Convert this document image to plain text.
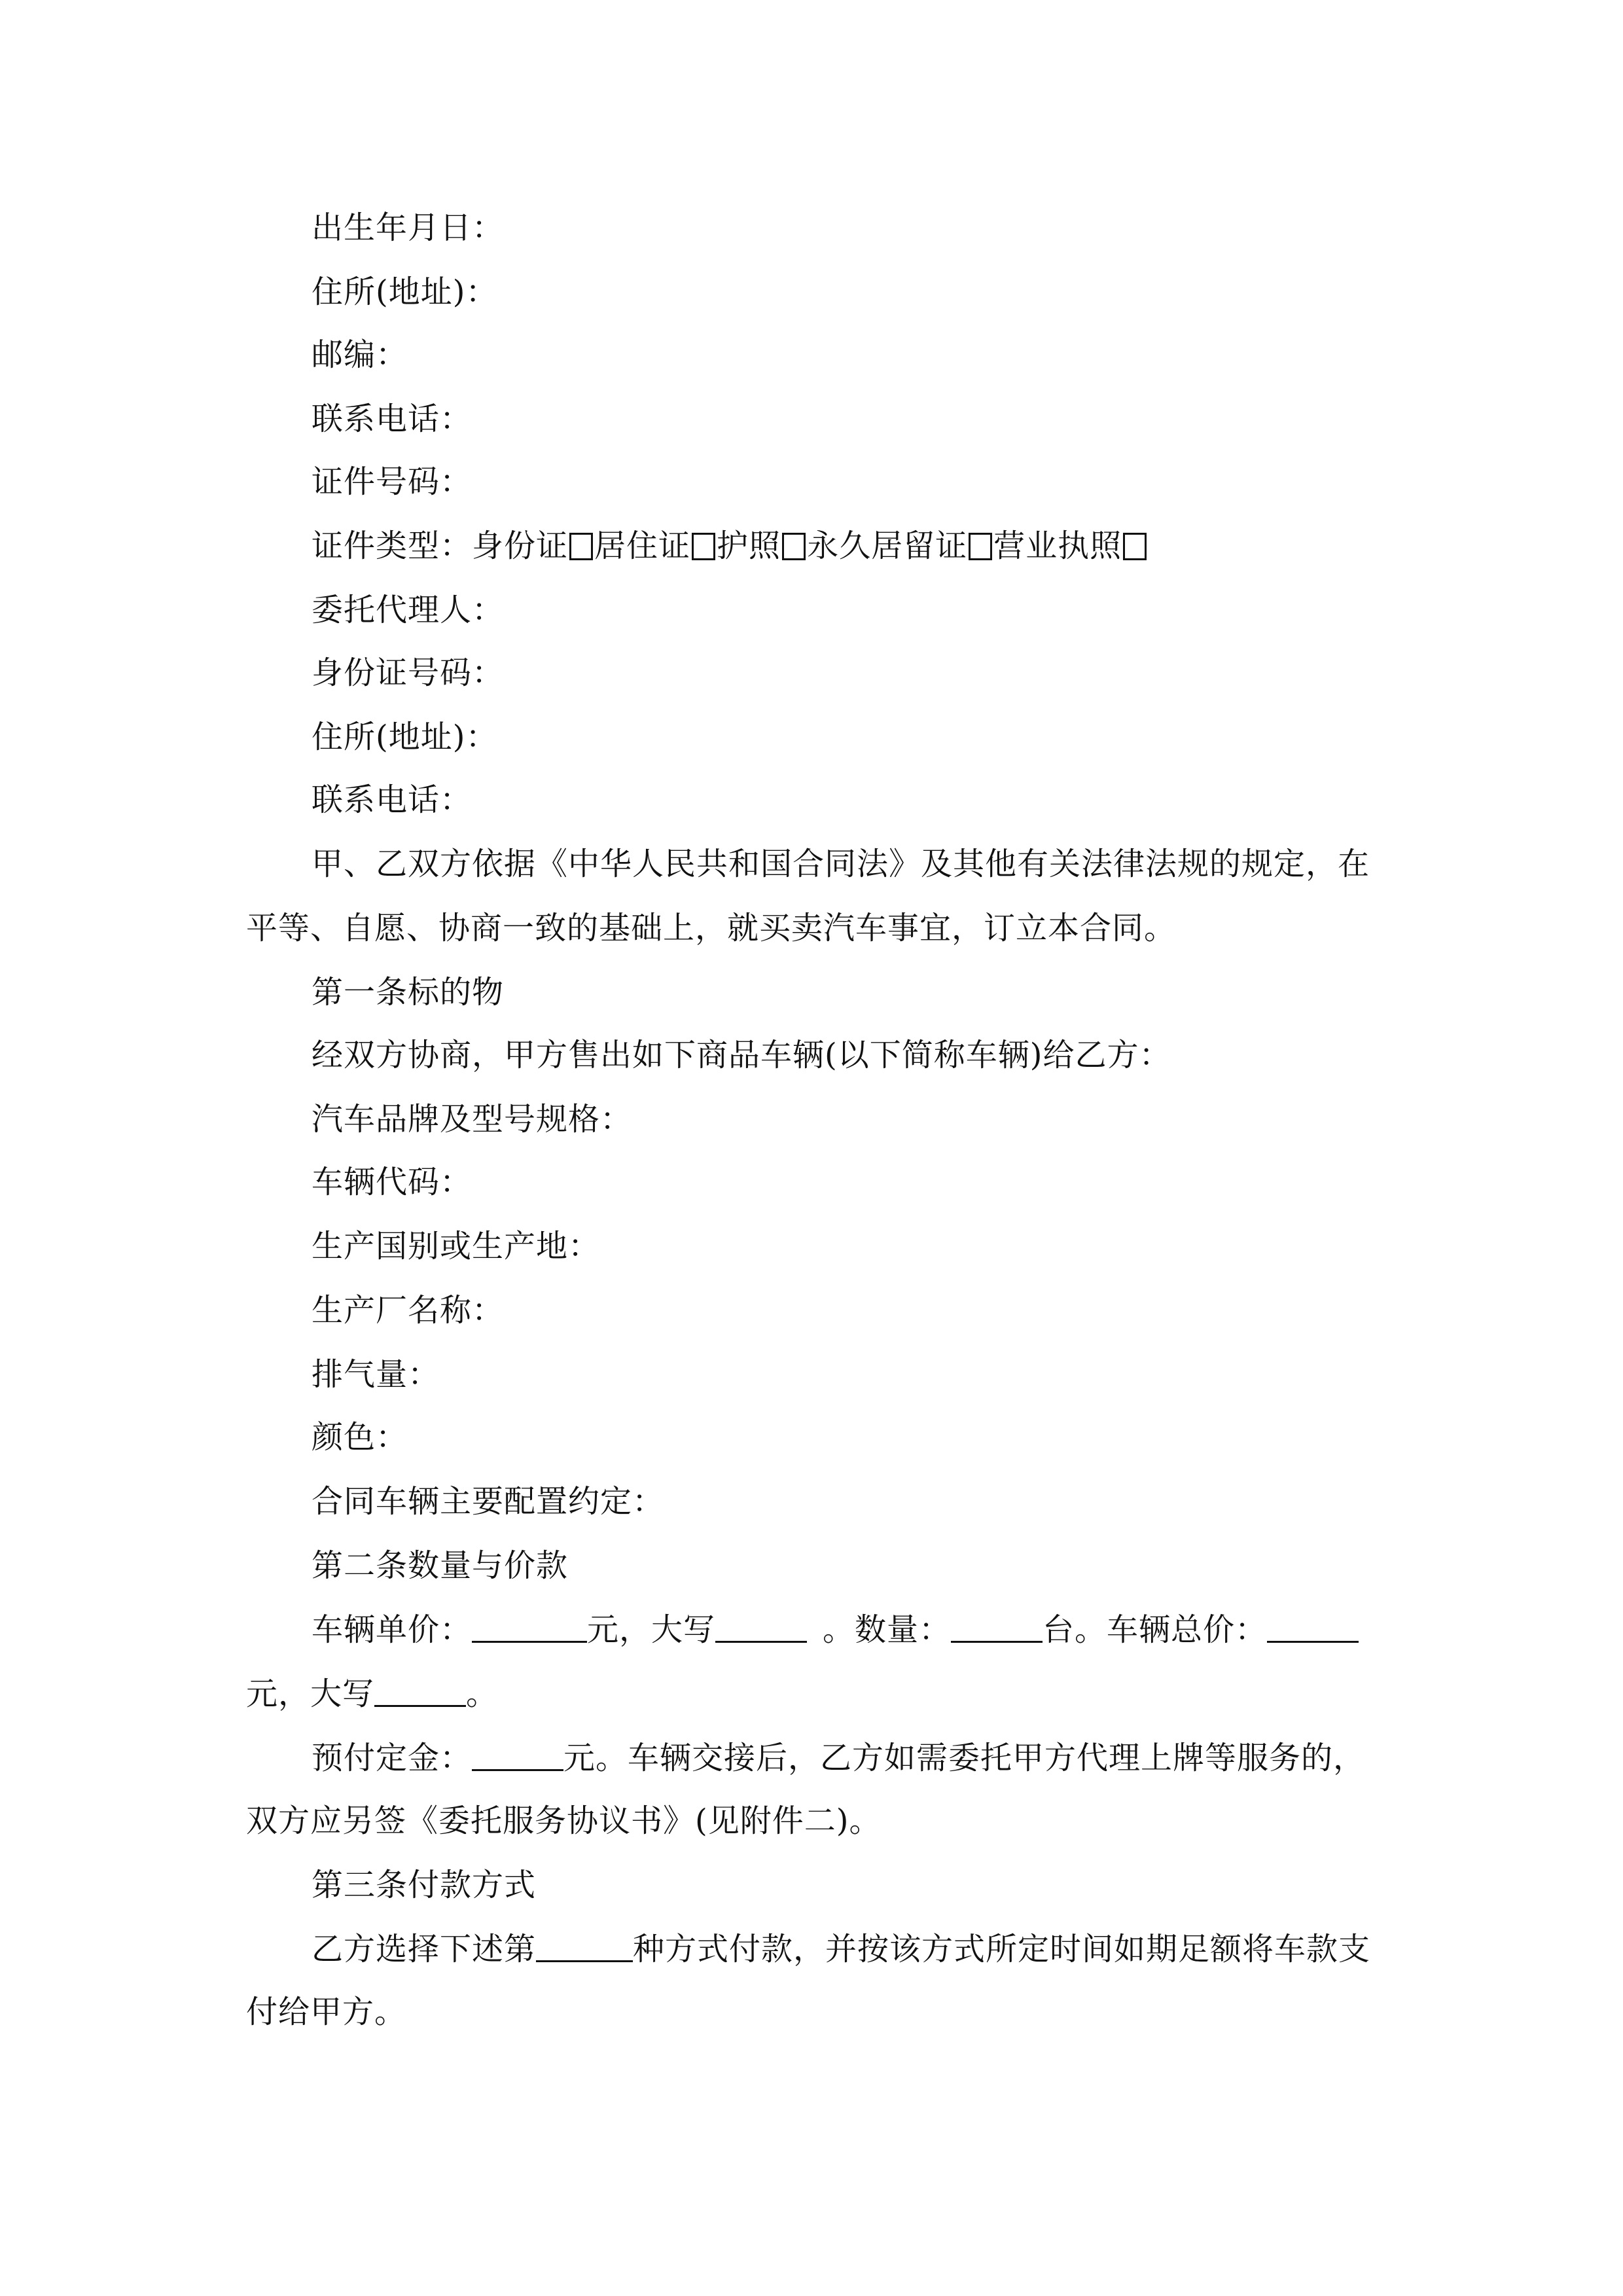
出生年月日：
住所(地址)：
邮编：
联系电话：
证件号码：
证件类型：身份证 居住证 护照 永久居留证 营业执照
委托代理人：
身份证号码：
住所(地址)：
联系电话：
甲、乙双方依据《中华人民共和国合同法》及其他有关法律法规的规定，在
平等、自愿、协商一致的基础上，就买卖汽车事宜，订立本合同。
第一条标的物
经双方协商，甲方售出如下商品车辆(以下简称车辆)给乙方：
汽车品牌及型号规格：
车辆代码：
生产国别或生产地：
生产厂名称：
排气量：
颜色：
合同车辆主要配置约定：
第二条数量与价款
车辆单价：	元，大写	。数量：	台。车辆总价：
元，大写	。
预付定金：	元。车辆交接后，乙方如需委托甲方代理上牌等服务的，
双方应另签《委托服务协议书》(见附件二)。
第三条付款方式
乙方选择下述第	种方式付款，并按该方式所定时间如期足额将车款支
付给甲方。
